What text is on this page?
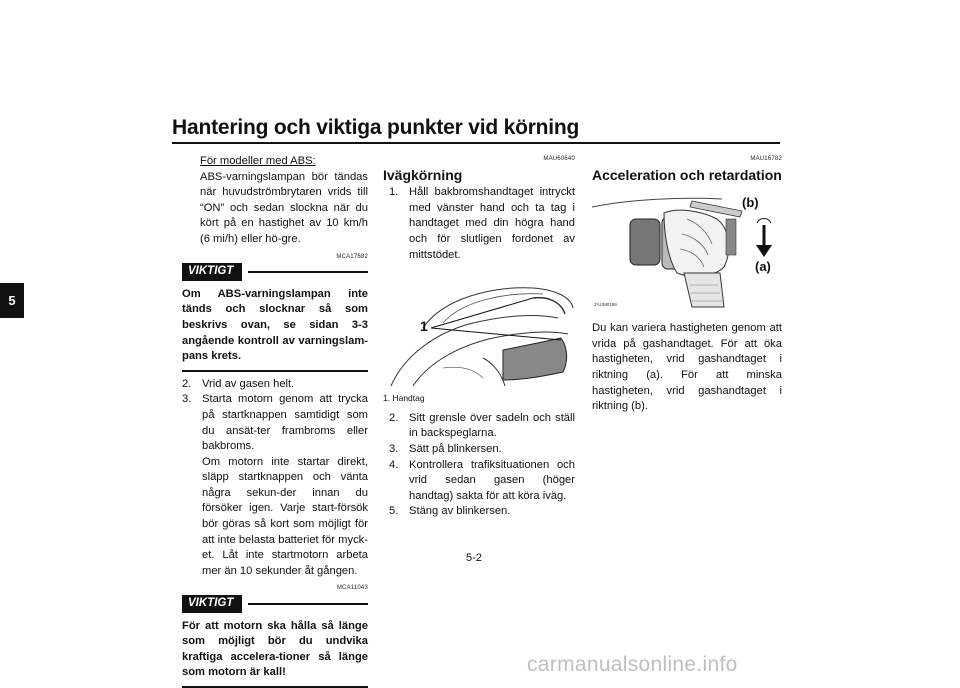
Hantering och viktiga punkter vid körning
5

För modeller med ABS:

ABS-varningslampan bör tändas när huvudströmbrytaren vrids till “ON” och sedan slockna när du kört på en hastighet av 10 km/h (6 mi/h) eller hö-gre.

MCA17682
VIKTIGT

Om ABS-varningslampan inte tänds och slocknar så som beskrivs ovan, se sidan 3-3 angående kontroll av varningslam-pans krets.

2. Vrid av gasen helt.
3. Starta motorn genom att trycka på startknappen samtidigt som du ansät-ter frambroms eller bakbroms.

Om motorn inte startar direkt, släpp startknappen och vänta några sekun-der innan du försöker igen. Varje start-försök bör göras så kort som möjligt för att inte belasta batteriet för myck-et. Låt inte startmotorn arbeta mer än 10 sekunder åt gången.

MCA11043
VIKTIGT

För att motorn ska hålla så länge som möjligt bör du undvika kraftiga accelera-tioner så länge som motorn är kall!

MAU60640
Ivägkörning
1. Håll bakbromshandtaget intryckt med vänster hand och ta tag i handtaget med din högra hand och för slutligen fordonet av mittstödet.
1
1. Handtag
2. Sitt grensle över sadeln och ställ in backspeglarna.
3. Sätt på blinkersen.
4. Kontrollera trafiksituationen och vrid sedan gasen (höger handtag) sakta för att köra iväg.
5. Stäng av blinkersen.
MAU16782
Acceleration och retardation
(b)
(a)
ZAUM0199

Du kan variera hastigheten genom att vrida på gashandtaget. För att öka hastigheten, vrid gashandtaget i riktning (a). För att minska hastigheten, vrid gashandtaget i riktning (b).

5-2
carmanualsonline.info
